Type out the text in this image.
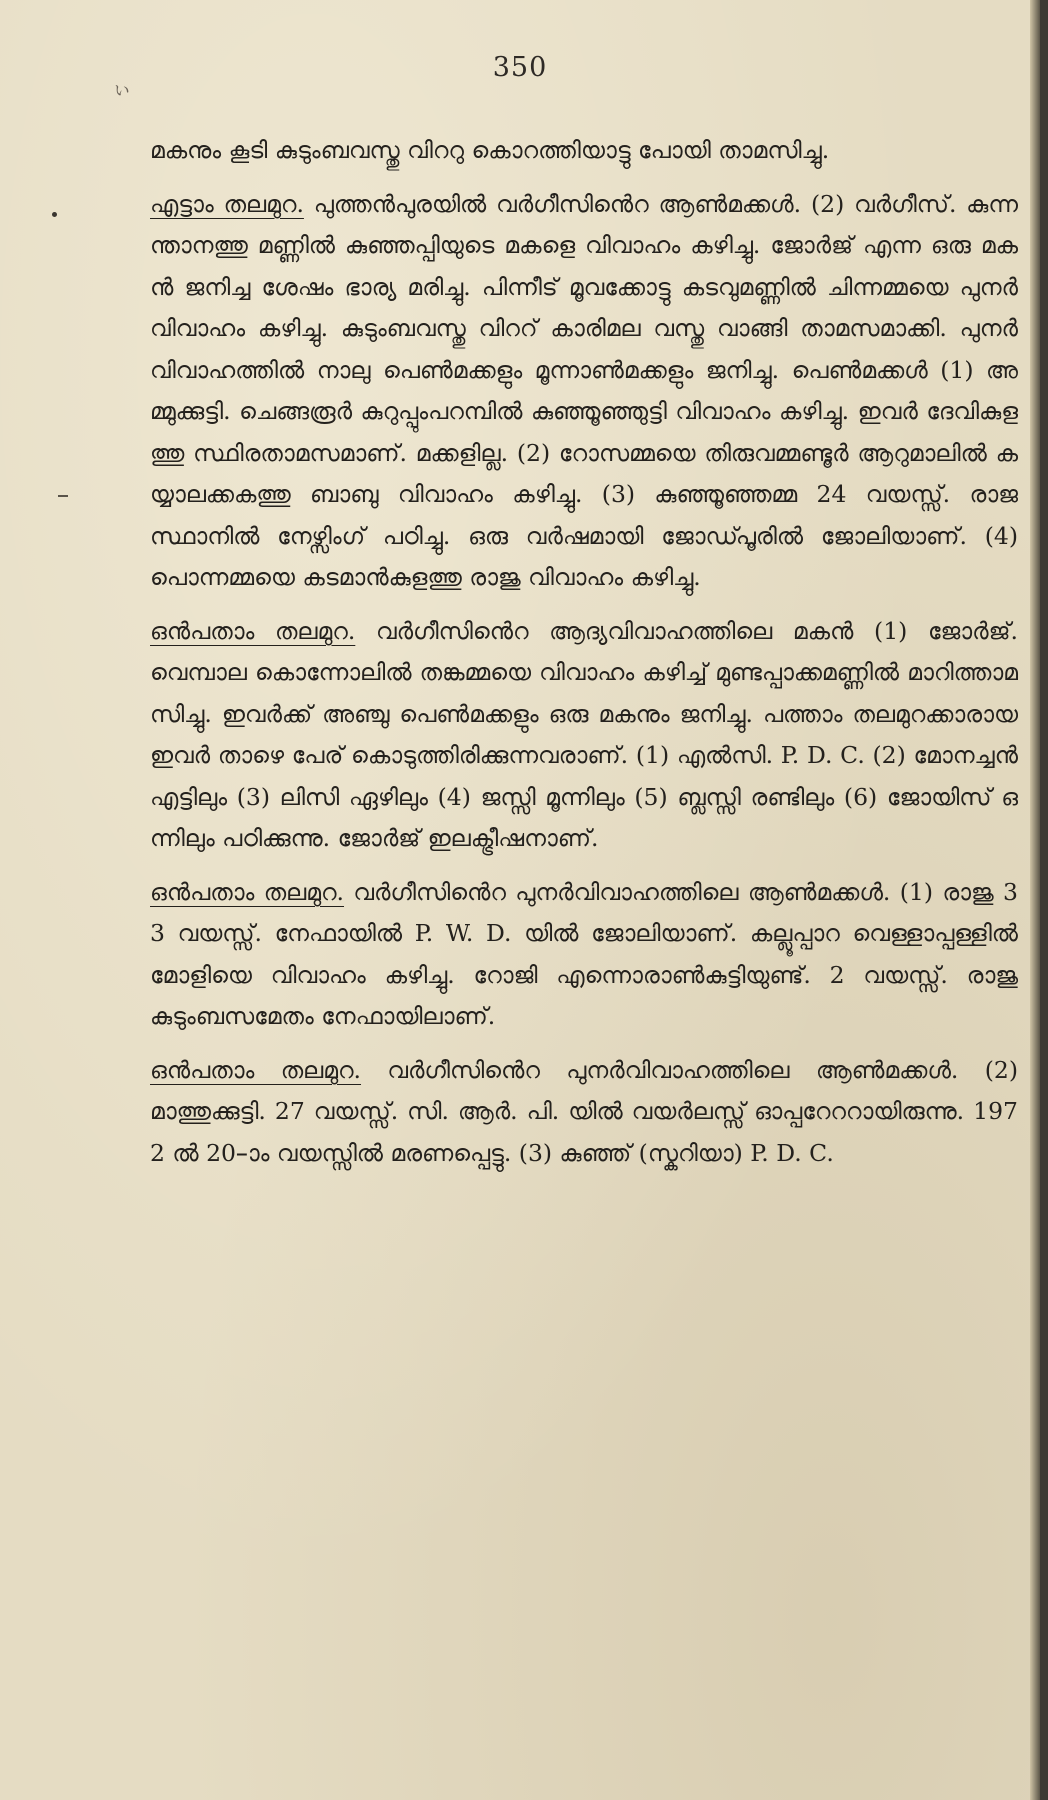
ぃ
350

മകനും കൂടി കുടുംബവസ്തു വിററു കൊറത്തിയാട്ടു പോയി താമസിച്ചു.

എട്ടാം തലമുറ. പുത്തൻപുരയിൽ വർഗീസിൻെറ ആൺമക്കൾ. (2) വർഗീസ്. കുന്നന്താനത്തു മണ്ണിൽ കുഞ്ഞപ്പിയുടെ മകളെ വിവാഹം കഴിച്ചു. ജോർജ് എന്ന ഒരു മകൻ ജനിച്ച ശേഷം ഭാര്യ മരിച്ചു. പിന്നീട് മൂവക്കോട്ടു കടവുമണ്ണിൽ ചിന്നമ്മയെ പുനർവിവാഹം കഴിച്ചു. കുടുംബവസ്തു വിററ് കാരിമല വസ്തു വാങ്ങി താമസമാക്കി. പുനർവിവാഹത്തിൽ നാലു പെൺമക്കളും മൂന്നാൺമക്കളും ജനിച്ചു. പെൺമക്കൾ (1) അമ്മുക്കുട്ടി. ചെങ്ങരൂർ കുറുപ്പുംപറമ്പിൽ കുഞ്ഞൂഞ്ഞുട്ടി വിവാഹം കഴിച്ചു. ഇവർ ദേവികുളത്തു സ്ഥിരതാമസമാണ്. മക്കളില്ല. (2) റോസമ്മയെ തിരുവമ്മണ്ടൂർ ആറുമാലിൽ കയ്യാലക്കകത്തു ബാബു വിവാഹം കഴിച്ചു. (3) കുഞ്ഞൂഞ്ഞമ്മ 24 വയസ്സ്. രാജസ്ഥാനിൽ നേഴ്സിംഗ് പഠിച്ചു. ഒരു വർഷമായി ജോഡ്പൂരിൽ ജോലിയാണ്. (4) പൊന്നമ്മയെ കടമാൻകുളത്തു രാജു വിവാഹം കഴിച്ചു.

ഒൻപതാം തലമുറ. വർഗീസിൻെറ ആദ്യവിവാഹത്തിലെ മകൻ (1) ജോർജ്. വെമ്പാല കൊന്നോലിൽ തങ്കമ്മയെ വിവാഹം കഴിച്ച് മുണ്ടപ്പാക്കമണ്ണിൽ മാറിത്താമസിച്ചു. ഇവർക്ക് അഞ്ചു പെൺമക്കളും ഒരു മകനും ജനിച്ചു. പത്താം തലമുറക്കാരായ ഇവർ താഴെ പേര് കൊടുത്തിരിക്കുന്നവരാണ്. (1) എൽസി. P. D. C. (2) മോനച്ചൻ എട്ടിലും (3) ലിസി ഏഴിലും (4) ജസ്സി മൂന്നിലും (5) ബ്ലസ്സി രണ്ടിലും (6) ജോയിസ് ഒന്നിലും പഠിക്കുന്നു. ജോർജ് ഇലക്ട്രീഷനാണ്.

ഒൻപതാം തലമുറ. വർഗീസിൻെറ പുനർവിവാഹത്തിലെ ആൺമക്കൾ. (1) രാജു 33 വയസ്സ്. നേഫായിൽ P. W. D. യിൽ ജോലിയാണ്. കല്ലൂപ്പാറ വെള്ളാപ്പള്ളിൽ മോളിയെ വിവാഹം കഴിച്ചു. റോജി എന്നൊരാൺകുട്ടിയുണ്ട്. 2 വയസ്സ്. രാജു കുടുംബസമേതം നേഫായിലാണ്.

ഒൻപതാം തലമുറ. വർഗീസിൻെറ പുനർവിവാഹത്തിലെ ആൺമക്കൾ. (2) മാത്തുക്കുട്ടി. 27 വയസ്സ്. സി. ആർ. പി. യിൽ വയർലസ്സ് ഓപ്പറേററായിരുന്നു. 1972 ൽ 20–ാം വയസ്സിൽ മരണപ്പെട്ടു. (3) കുഞ്ഞ് (സ്കറിയാ) P. D. C.
